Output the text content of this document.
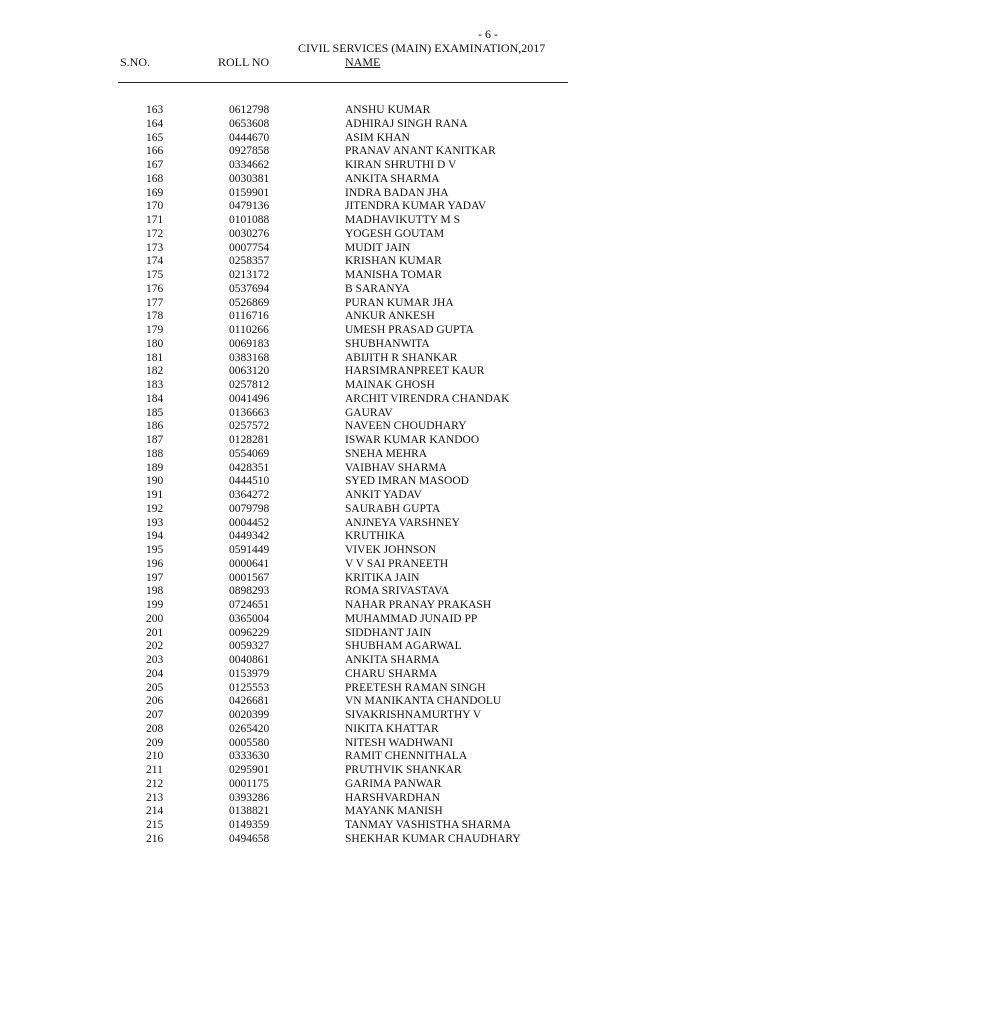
- 6 -
CIVIL SERVICES (MAIN) EXAMINATION,2017
S.NO.	ROLL NO	NAME
163	0612798	ANSHU KUMAR
164	0653608	ADHIRAJ SINGH RANA
165	0444670	ASIM KHAN
166	0927858	PRANAV ANANT KANITKAR
167	0334662	KIRAN SHRUTHI D V
168	0030381	ANKITA SHARMA
169	0159901	INDRA BADAN JHA
170	0479136	JITENDRA KUMAR YADAV
171	0101088	MADHAVIKUTTY M S
172	0030276	YOGESH GOUTAM
173	0007754	MUDIT JAIN
174	0258357	KRISHAN KUMAR
175	0213172	MANISHA TOMAR
176	0537694	B SARANYA
177	0526869	PURAN KUMAR JHA
178	0116716	ANKUR ANKESH
179	0110266	UMESH PRASAD GUPTA
180	0069183	SHUBHANWITA
181	0383168	ABIJITH R SHANKAR
182	0063120	HARSIMRANPREET KAUR
183	0257812	MAINAK GHOSH
184	0041496	ARCHIT VIRENDRA CHANDAK
185	0136663	GAURAV
186	0257572	NAVEEN CHOUDHARY
187	0128281	ISWAR KUMAR KANDOO
188	0554069	SNEHA MEHRA
189	0428351	VAIBHAV SHARMA
190	0444510	SYED IMRAN MASOOD
191	0364272	ANKIT YADAV
192	0079798	SAURABH GUPTA
193	0004452	ANJNEYA VARSHNEY
194	0449342	KRUTHIKA
195	0591449	VIVEK JOHNSON
196	0000641	V V SAI PRANEETH
197	0001567	KRITIKA JAIN
198	0898293	ROMA SRIVASTAVA
199	0724651	NAHAR PRANAY PRAKASH
200	0365004	MUHAMMAD JUNAID PP
201	0096229	SIDDHANT JAIN
202	0059327	SHUBHAM AGARWAL
203	0040861	ANKITA SHARMA
204	0153979	CHARU SHARMA
205	0125553	PREETESH RAMAN SINGH
206	0426681	VN MANIKANTA CHANDOLU
207	0020399	SIVAKRISHNAMURTHY V
208	0265420	NIKITA KHATTAR
209	0005580	NITESH WADHWANI
210	0333630	RAMIT CHENNITHALA
211	0295901	PRUTHVIK SHANKAR
212	0001175	GARIMA PANWAR
213	0393286	HARSHVARDHAN
214	0138821	MAYANK MANISH
215	0149359	TANMAY VASHISTHA SHARMA
216	0494658	SHEKHAR KUMAR CHAUDHARY
